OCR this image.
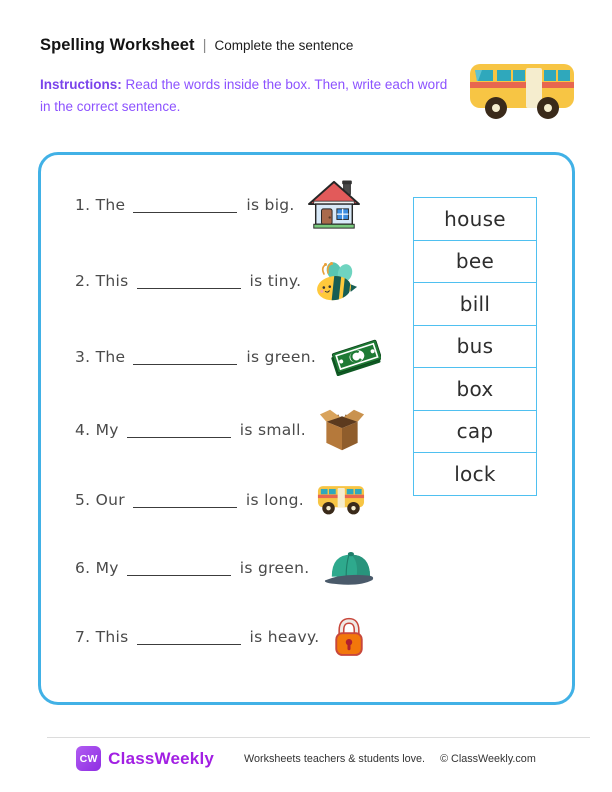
Spelling Worksheet | Complete the sentence
Instructions: Read the words inside the box. Then, write each word in the correct sentence.
1. The	is big.
2. This	is tiny.
3. The	is green.
4. My	is small.
5. Our	is long.
6. My	is green.
7. This	is heavy.
house
bee
bill
bus
box
cap
lock
CW ClassWeekly	Worksheets teachers & students love. © ClassWeekly.com
